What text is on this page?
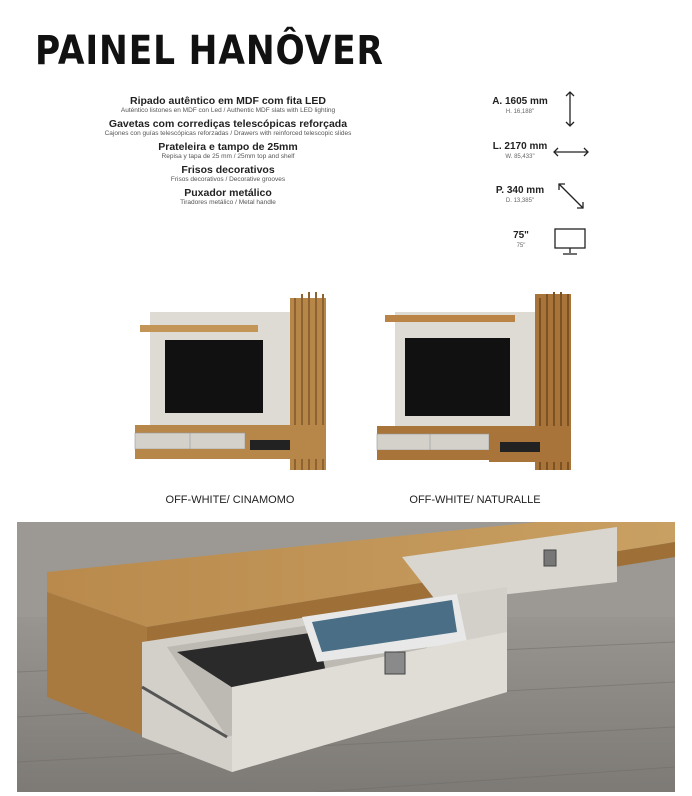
PAINEL HANÔVER
Ripado autêntico em MDF com fita LED
Auténtico listones en MDF con Led / Authentic MDF slats with LED lighting
Gavetas com corrediças telescópicas reforçada
Cajones con guías telescópicas reforzadas / Drawers with reinforced telescopic slides
Prateleira e tampo de 25mm
Repisa y tapa de 25 mm / 25mm top and shelf
Frisos decorativos
Frisos decorativos / Decorative grooves
Puxador metálico
Tiradores metálico / Metal handle
A. 1605 mm
H. 16,188"
L. 2170 mm
W. 85,433"
P. 340 mm
D. 13,385"
75"
75"
OFF-WHITE/ CINAMOMO	OFF-WHITE/ NATURALLE
